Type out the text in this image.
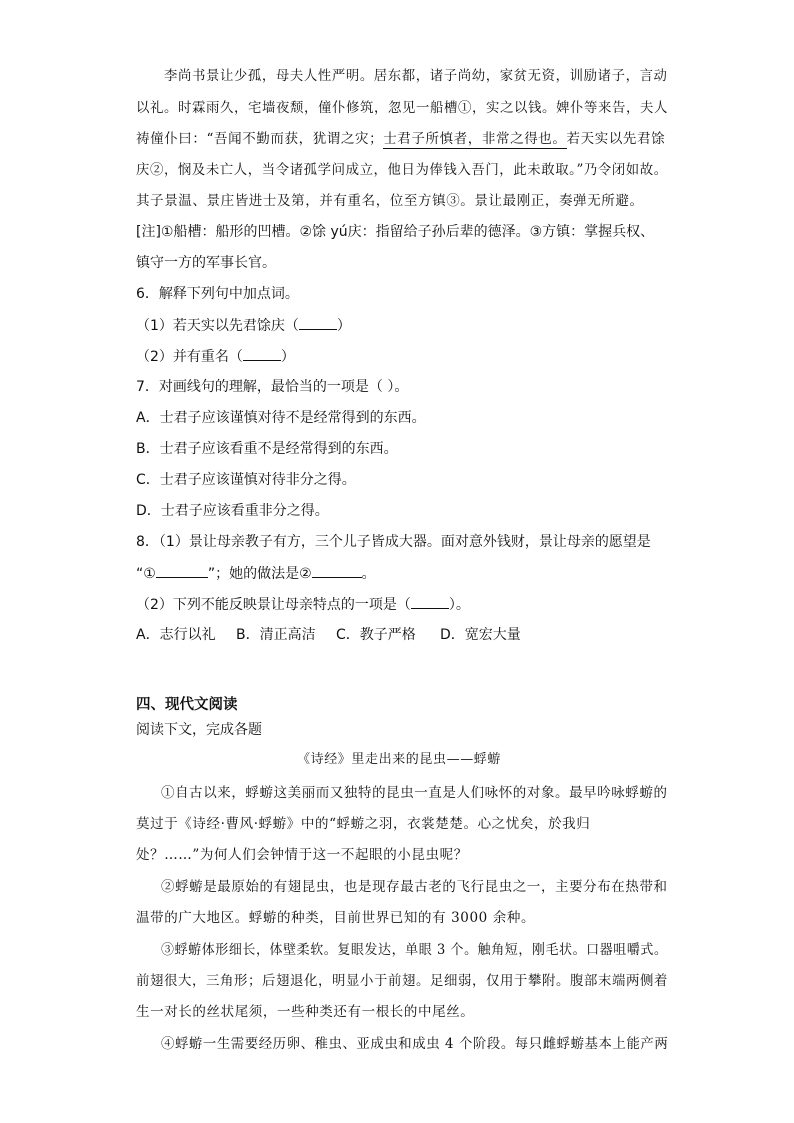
李尚书景让少孤，母夫人性严明。居东都，诸子尚幼，家贫无资，训励诸子，言动
以礼。时霖雨久，宅墙夜颓，僮仆修筑，忽见一船槽①，实之以钱。婢仆等来告，夫人
祷僮仆曰：“吾闻不勤而获，犹谓之灾；士君子所慎者，非常之得也。若天实以先君馀
庆②，悯及未亡人，当令诸孤学问成立，他日为俸钱入吾门，此未敢取。”乃令闭如故。
其子景温、景庄皆进士及第，并有重名，位至方镇③。景让最刚正，奏弹无所避。
[注]①船槽：船形的凹槽。②馀 yú庆：指留给子孙后辈的德泽。③方镇：掌握兵权、
镇守一方的军事长官。
6．解释下列句中加点词。
（1）若天实以先君馀庆（	）
（2）并有重名（	）
7．对画线句的理解，最恰当的一项是（ ）。
A．士君子应该谨慎对待不是经常得到的东西。
B．士君子应该看重不是经常得到的东西。
C．士君子应该谨慎对待非分之得。
D．士君子应该看重非分之得。
8．（1）景让母亲教子有方，三个儿子皆成大器。面对意外钱财，景让母亲的愿望是
“①	”；她的做法是②	。
（2）下列不能反映景让母亲特点的一项是（	）。
A．志行以礼 B．清正高洁 C．教子严格 D．宽宏大量
四、现代文阅读
阅读下文，完成各题
《诗经》里走出来的昆虫——蜉蝣
①自古以来，蜉蝣这美丽而又独特的昆虫一直是人们咏怀的对象。最早吟咏蜉蝣的
莫过于《诗经·曹风·蜉蝣》中的“蜉蝣之羽，衣裳楚楚。心之忧矣，於我归
处？……”为何人们会钟情于这一不起眼的小昆虫呢？
②蜉蝣是最原始的有翅昆虫，也是现存最古老的飞行昆虫之一，主要分布在热带和
温带的广大地区。蜉蝣的种类，目前世界已知的有 3000 余种。
③蜉蝣体形细长，体壁柔软。复眼发达，单眼 3 个。触角短，刚毛状。口器咀嚼式。
前翅很大，三角形；后翅退化，明显小于前翅。足细弱，仅用于攀附。腹部末端两侧着
生一对长的丝状尾须，一些种类还有一根长的中尾丝。
④蜉蝣一生需要经历卵、稚虫、亚成虫和成虫 4 个阶段。每只雌蜉蝣基本上能产两
